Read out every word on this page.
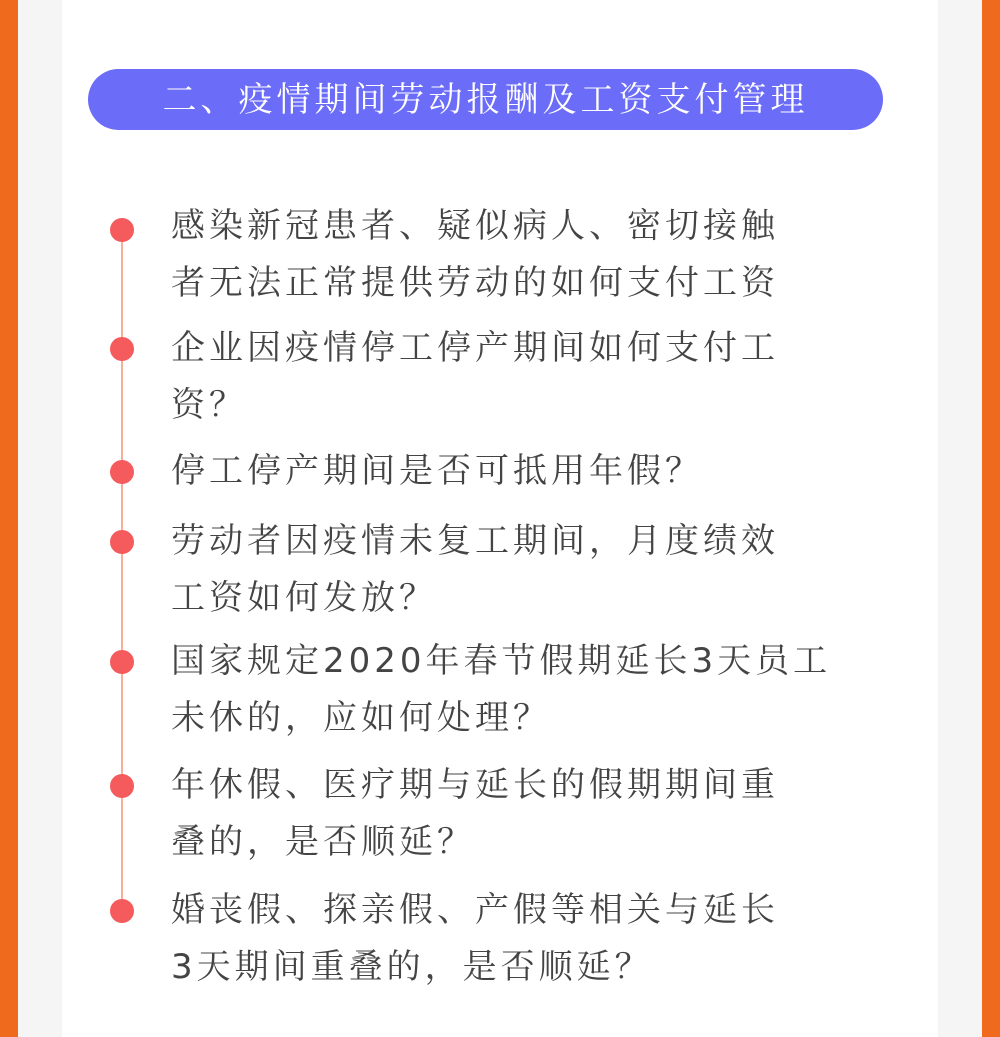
二、疫情期间劳动报酬及工资支付管理
感染新冠患者、疑似病人、密切接触
者无法正常提供劳动的如何支付工资
企业因疫情停工停产期间如何支付工
资？
停工停产期间是否可抵用年假？
劳动者因疫情未复工期间，月度绩效
工资如何发放？
国家规定2020年春节假期延长3天员工
未休的，应如何处理？
年休假、医疗期与延长的假期期间重
叠的，是否顺延？
婚丧假、探亲假、产假等相关与延长
3天期间重叠的，是否顺延？
